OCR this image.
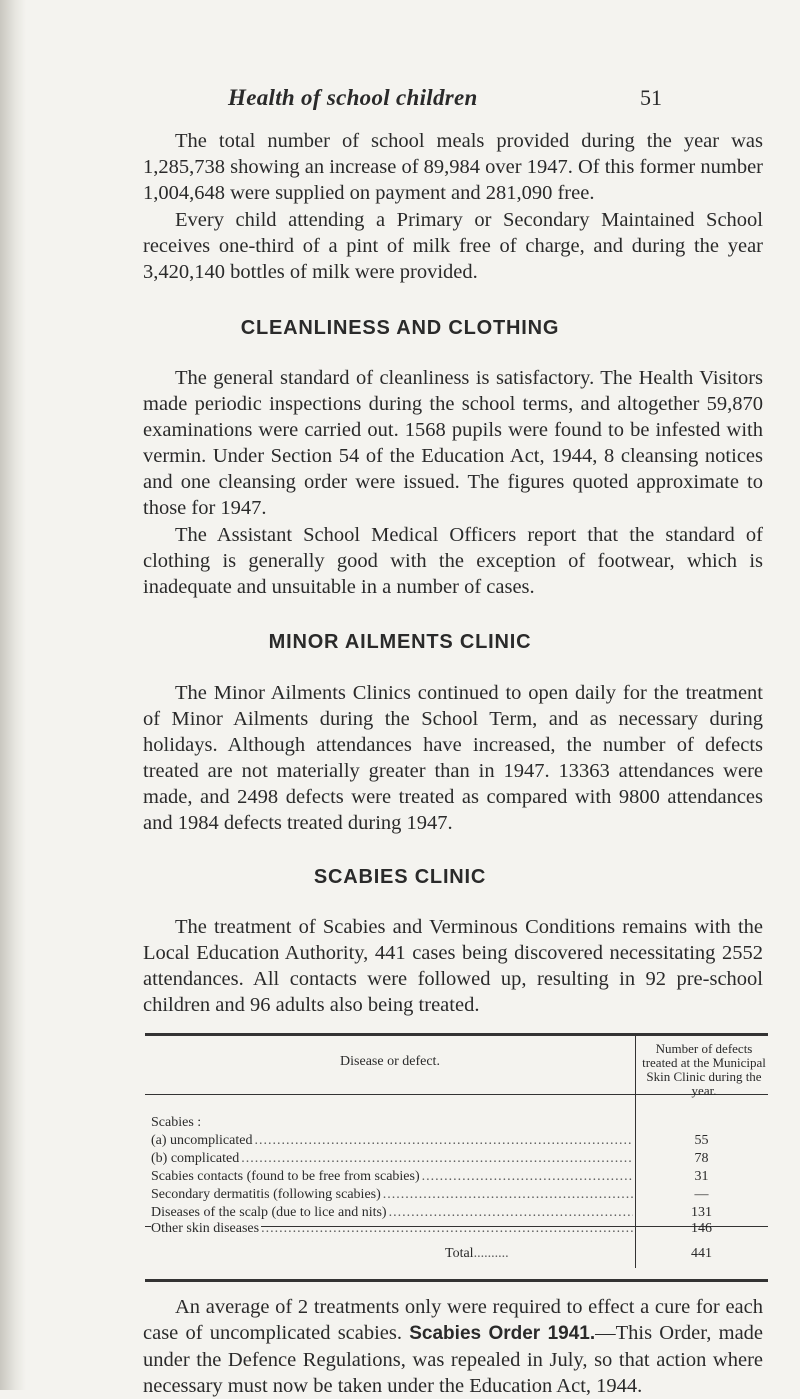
Health of school children	51

The total number of school meals provided during the year was 1,285,738 showing an increase of 89,984 over 1947. Of this former number 1,004,648 were supplied on payment and 281,090 free.

Every child attending a Primary or Secondary Maintained School receives one-third of a pint of milk free of charge, and during the year 3,420,140 bottles of milk were provided.

CLEANLINESS AND CLOTHING

The general standard of cleanliness is satisfactory. The Health Visitors made periodic inspections during the school terms, and altogether 59,870 examinations were carried out. 1568 pupils were found to be infested with vermin. Under Section 54 of the Education Act, 1944, 8 cleansing notices and one cleansing order were issued. The figures quoted approximate to those for 1947.

The Assistant School Medical Officers report that the standard of clothing is generally good with the exception of footwear, which is inadequate and unsuitable in a number of cases.

MINOR AILMENTS CLINIC

The Minor Ailments Clinics continued to open daily for the treatment of Minor Ailments during the School Term, and as necessary during holidays. Although attendances have increased, the number of defects treated are not materially greater than in 1947. 13363 attendances were made, and 2498 defects were treated as compared with 9800 attendances and 1984 defects treated during 1947.

SCABIES CLINIC

The treatment of Scabies and Verminous Conditions remains with the Local Education Authority, 441 cases being discovered necessitating 2552 attendances. All contacts were followed up, resulting in 92 pre-school children and 96 adults also being treated.

Disease or defect.
Number of defects treated at the Municipal Skin Clinic during the year.
Scabies :
(a) uncomplicated .....	55
(b) complicated .....	78
Scabies contacts (found to be free from scabies) .....	31
Secondary dermatitis (following scabies) .....	—
Diseases of the scalp (due to lice and nits) .....	131
Other skin diseases .....	146
Total .....	441

An average of 2 treatments only were required to effect a cure for each case of uncomplicated scabies. Scabies Order 1941.—This Order, made under the Defence Regulations, was repealed in July, so that action where necessary must now be taken under the Education Act, 1944.
